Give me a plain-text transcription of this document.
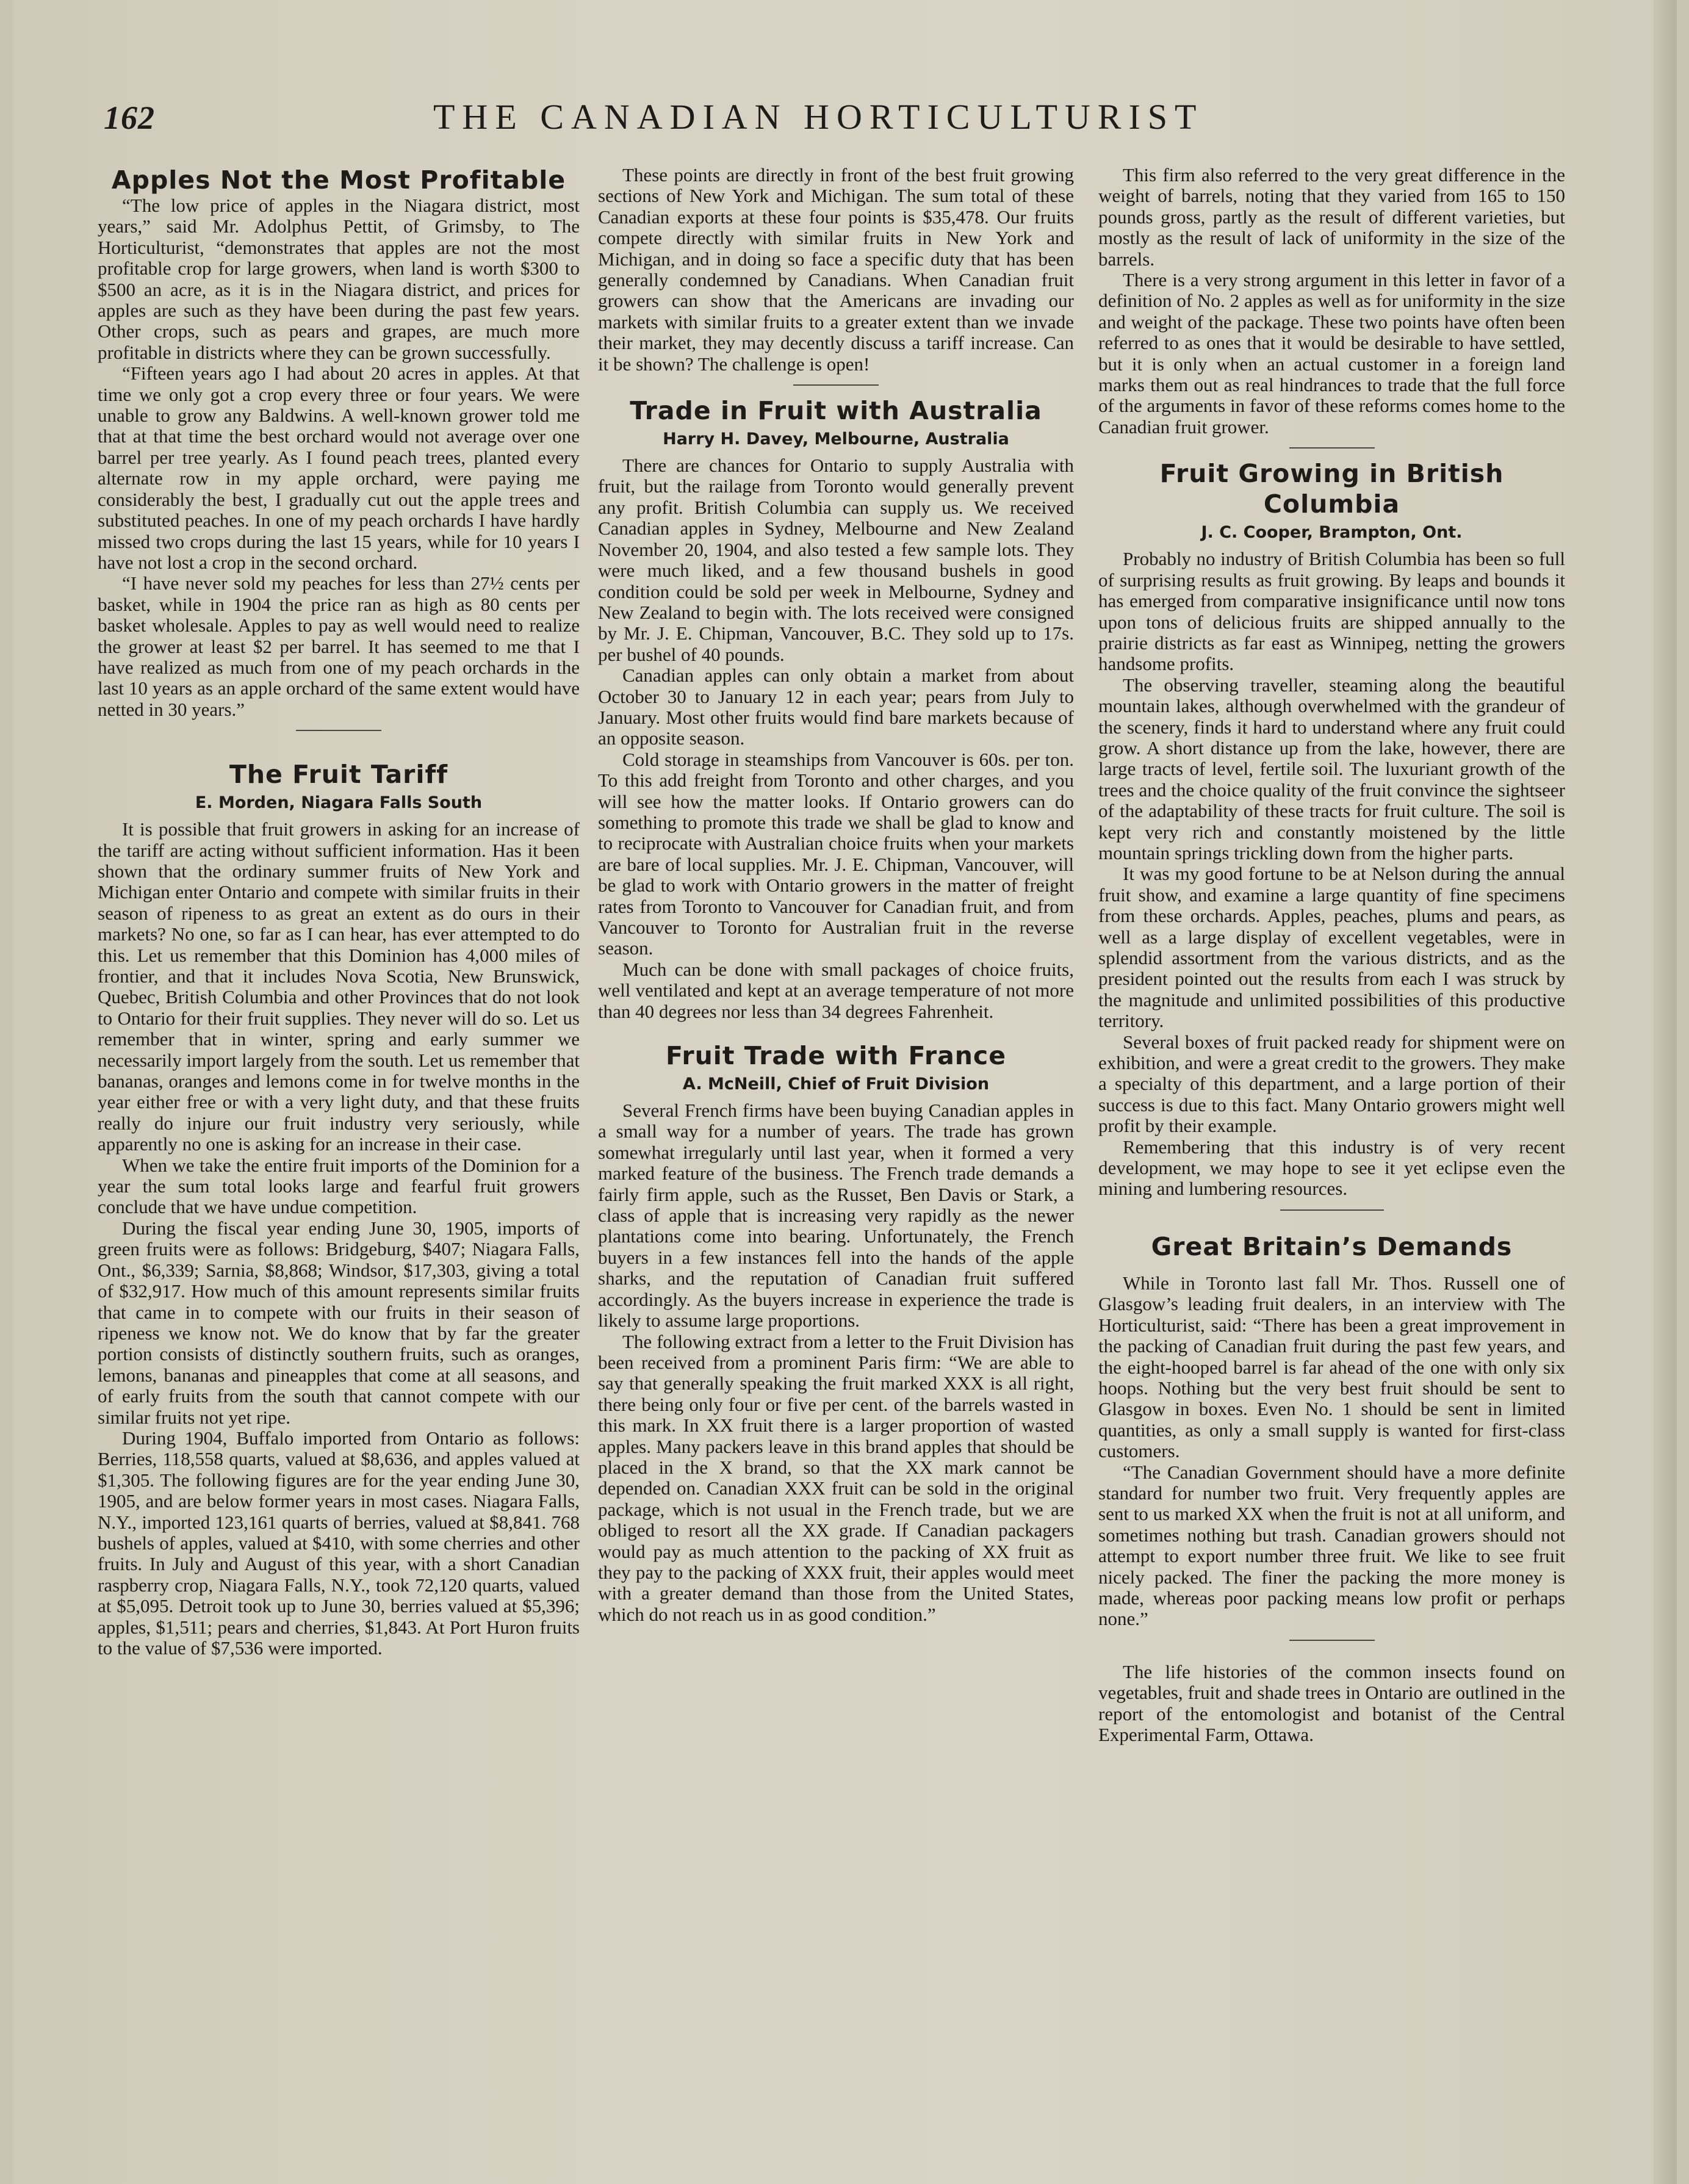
162	THE CANADIAN HORTICULTURIST
Apples Not the Most Profitable

“The low price of apples in the Niagara district, most years,” said Mr. Adolphus Pettit, of Grimsby, to The Horticulturist, “demonstrates that apples are not the most profitable crop for large growers, when land is worth $300 to $500 an acre, as it is in the Niagara district, and prices for apples are such as they have been during the past few years. Other crops, such as pears and grapes, are much more profitable in districts where they can be grown successfully.

“Fifteen years ago I had about 20 acres in apples. At that time we only got a crop every three or four years. We were unable to grow any Baldwins. A well-known grower told me that at that time the best orchard would not average over one barrel per tree yearly. As I found peach trees, planted every alternate row in my apple orchard, were paying me considerably the best, I gradually cut out the apple trees and substituted peaches. In one of my peach orchards I have hardly missed two crops during the last 15 years, while for 10 years I have not lost a crop in the second orchard.

“I have never sold my peaches for less than 27½ cents per basket, while in 1904 the price ran as high as 80 cents per basket wholesale. Apples to pay as well would need to realize the grower at least $2 per barrel. It has seemed to me that I have realized as much from one of my peach orchards in the last 10 years as an apple orchard of the same extent would have netted in 30 years.”

The Fruit Tariff
E. Morden, Niagara Falls South

It is possible that fruit growers in asking for an increase of the tariff are acting without sufficient information. Has it been shown that the ordinary summer fruits of New York and Michigan enter Ontario and compete with similar fruits in their season of ripeness to as great an extent as do ours in their markets? No one, so far as I can hear, has ever attempted to do this. Let us remember that this Dominion has 4,000 miles of frontier, and that it includes Nova Scotia, New Brunswick, Quebec, British Columbia and other Provinces that do not look to Ontario for their fruit supplies. They never will do so. Let us remember that in winter, spring and early summer we necessarily import largely from the south. Let us remember that bananas, oranges and lemons come in for twelve months in the year either free or with a very light duty, and that these fruits really do injure our fruit industry very seriously, while apparently no one is asking for an increase in their case.

When we take the entire fruit imports of the Dominion for a year the sum total looks large and fearful fruit growers conclude that we have undue competition.

During the fiscal year ending June 30, 1905, imports of green fruits were as follows: Bridgeburg, $407; Niagara Falls, Ont., $6,339; Sarnia, $8,868; Windsor, $17,303, giving a total of $32,917. How much of this amount represents similar fruits that came in to compete with our fruits in their season of ripeness we know not. We do know that by far the greater portion consists of distinctly southern fruits, such as oranges, lemons, bananas and pineapples that come at all seasons, and of early fruits from the south that cannot compete with our similar fruits not yet ripe.

During 1904, Buffalo imported from Ontario as follows: Berries, 118,558 quarts, valued at $8,636, and apples valued at $1,305. The following figures are for the year ending June 30, 1905, and are below former years in most cases. Niagara Falls, N.Y., imported 123,161 quarts of berries, valued at $8,841. 768 bushels of apples, valued at $410, with some cherries and other fruits. In July and August of this year, with a short Canadian raspberry crop, Niagara Falls, N.Y., took 72,120 quarts, valued at $5,095. Detroit took up to June 30, berries valued at $5,396; apples, $1,511; pears and cherries, $1,843. At Port Huron fruits to the value of $7,536 were imported.

These points are directly in front of the best fruit growing sections of New York and Michigan. The sum total of these Canadian exports at these four points is $35,478. Our fruits compete directly with similar fruits in New York and Michigan, and in doing so face a specific duty that has been generally condemned by Canadians. When Canadian fruit growers can show that the Americans are invading our markets with similar fruits to a greater extent than we invade their market, they may decently discuss a tariff increase. Can it be shown? The challenge is open!

Trade in Fruit with Australia
Harry H. Davey, Melbourne, Australia

There are chances for Ontario to supply Australia with fruit, but the railage from Toronto would generally prevent any profit. British Columbia can supply us. We received Canadian apples in Sydney, Melbourne and New Zealand November 20, 1904, and also tested a few sample lots. They were much liked, and a few thousand bushels in good condition could be sold per week in Melbourne, Sydney and New Zealand to begin with. The lots received were consigned by Mr. J. E. Chipman, Vancouver, B.C. They sold up to 17s. per bushel of 40 pounds.

Canadian apples can only obtain a market from about October 30 to January 12 in each year; pears from July to January. Most other fruits would find bare markets because of an opposite season.

Cold storage in steamships from Vancouver is 60s. per ton. To this add freight from Toronto and other charges, and you will see how the matter looks. If Ontario growers can do something to promote this trade we shall be glad to know and to reciprocate with Australian choice fruits when your markets are bare of local supplies. Mr. J. E. Chipman, Vancouver, will be glad to work with Ontario growers in the matter of freight rates from Toronto to Vancouver for Canadian fruit, and from Vancouver to Toronto for Australian fruit in the reverse season.

Much can be done with small packages of choice fruits, well ventilated and kept at an average temperature of not more than 40 degrees nor less than 34 degrees Fahrenheit.

Fruit Trade with France
A. McNeill, Chief of Fruit Division

Several French firms have been buying Canadian apples in a small way for a number of years. The trade has grown somewhat irregularly until last year, when it formed a very marked feature of the business. The French trade demands a fairly firm apple, such as the Russet, Ben Davis or Stark, a class of apple that is increasing very rapidly as the newer plantations come into bearing. Unfortunately, the French buyers in a few instances fell into the hands of the apple sharks, and the reputation of Canadian fruit suffered accordingly. As the buyers increase in experience the trade is likely to assume large proportions.

The following extract from a letter to the Fruit Division has been received from a prominent Paris firm: “We are able to say that generally speaking the fruit marked XXX is all right, there being only four or five per cent. of the barrels wasted in this mark. In XX fruit there is a larger proportion of wasted apples. Many packers leave in this brand apples that should be placed in the X brand, so that the XX mark cannot be depended on. Canadian XXX fruit can be sold in the original package, which is not usual in the French trade, but we are obliged to resort all the XX grade. If Canadian packagers would pay as much attention to the packing of XX fruit as they pay to the packing of XXX fruit, their apples would meet with a greater demand than those from the United States, which do not reach us in as good condition.”

This firm also referred to the very great difference in the weight of barrels, noting that they varied from 165 to 150 pounds gross, partly as the result of different varieties, but mostly as the result of lack of uniformity in the size of the barrels.

There is a very strong argument in this letter in favor of a definition of No. 2 apples as well as for uniformity in the size and weight of the package. These two points have often been referred to as ones that it would be desirable to have settled, but it is only when an actual customer in a foreign land marks them out as real hindrances to trade that the full force of the arguments in favor of these reforms comes home to the Canadian fruit grower.

Fruit Growing in British Columbia
J. C. Cooper, Brampton, Ont.

Probably no industry of British Columbia has been so full of surprising results as fruit growing. By leaps and bounds it has emerged from comparative insignificance until now tons upon tons of delicious fruits are shipped annually to the prairie districts as far east as Winnipeg, netting the growers handsome profits.

The observing traveller, steaming along the beautiful mountain lakes, although overwhelmed with the grandeur of the scenery, finds it hard to understand where any fruit could grow. A short distance up from the lake, however, there are large tracts of level, fertile soil. The luxuriant growth of the trees and the choice quality of the fruit convince the sightseer of the adaptability of these tracts for fruit culture. The soil is kept very rich and constantly moistened by the little mountain springs trickling down from the higher parts.

It was my good fortune to be at Nelson during the annual fruit show, and examine a large quantity of fine specimens from these orchards. Apples, peaches, plums and pears, as well as a large display of excellent vegetables, were in splendid assortment from the various districts, and as the president pointed out the results from each I was struck by the magnitude and unlimited possibilities of this productive territory.

Several boxes of fruit packed ready for shipment were on exhibition, and were a great credit to the growers. They make a specialty of this department, and a large portion of their success is due to this fact. Many Ontario growers might well profit by their example.

Remembering that this industry is of very recent development, we may hope to see it yet eclipse even the mining and lumbering resources.

Great Britain’s Demands

While in Toronto last fall Mr. Thos. Russell one of Glasgow’s leading fruit dealers, in an interview with The Horticulturist, said: “There has been a great improvement in the packing of Canadian fruit during the past few years, and the eight-hooped barrel is far ahead of the one with only six hoops. Nothing but the very best fruit should be sent to Glasgow in boxes. Even No. 1 should be sent in limited quantities, as only a small supply is wanted for first-class customers.

“The Canadian Government should have a more definite standard for number two fruit. Very frequently apples are sent to us marked XX when the fruit is not at all uniform, and sometimes nothing but trash. Canadian growers should not attempt to export number three fruit. We like to see fruit nicely packed. The finer the packing the more money is made, whereas poor packing means low profit or perhaps none.”

The life histories of the common insects found on vegetables, fruit and shade trees in Ontario are outlined in the report of the entomologist and botanist of the Central Experimental Farm, Ottawa.
